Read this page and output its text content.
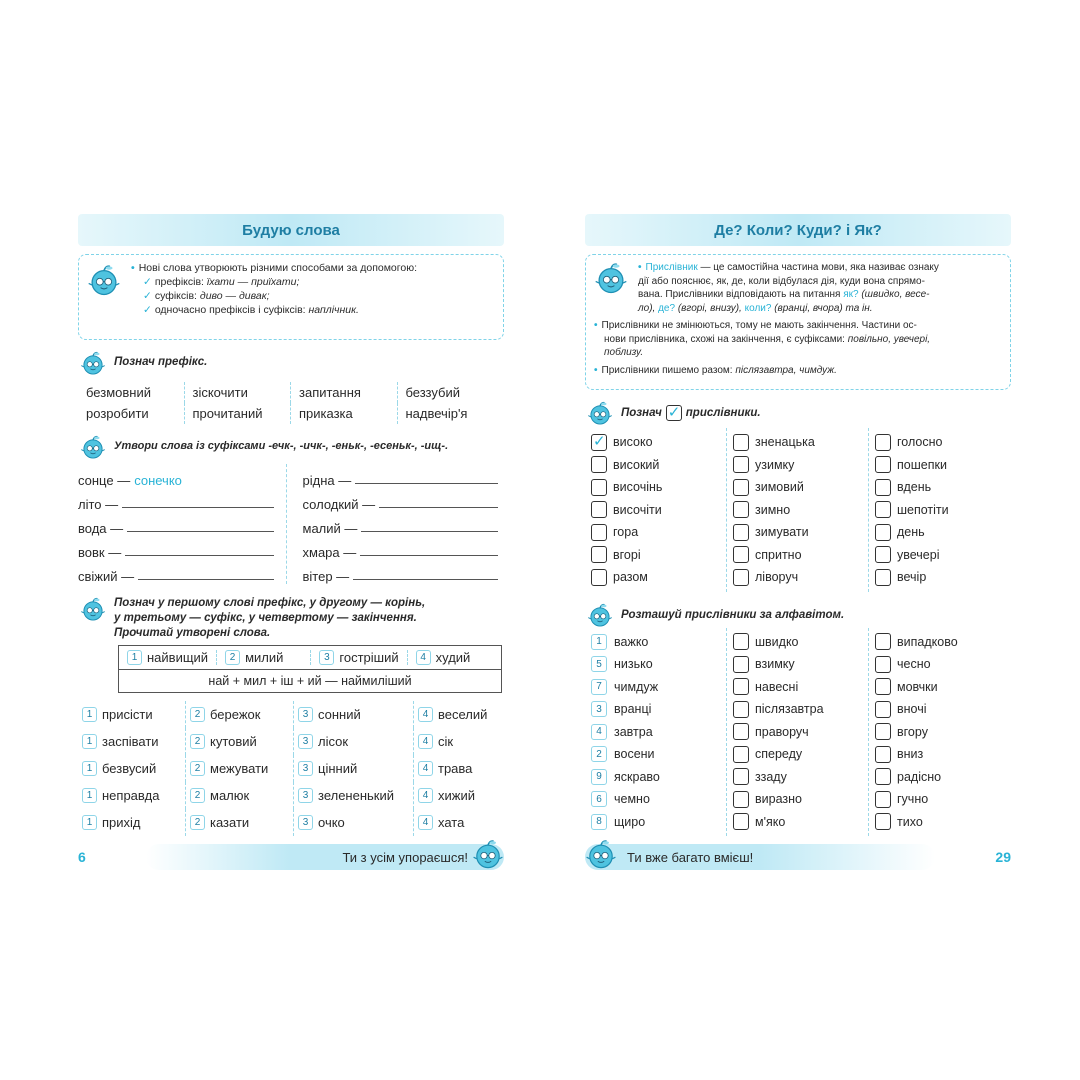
Будую слова
• Нові слова утворюють різними способами за допомогою:
✓ префіксів: їхати — приїхати;
✓ суфіксів: диво — дивак;
✓ одночасно префіксів і суфіксів: наплічник.
Познач префікс.
безмовний	зіскочити	запитання	беззубий
розробити	прочитаний	приказка	надвечір'я
Утвори слова із суфіксами -ечк-, -ичк-, -еньк-, -есеньк-, -ищ-.
сонце — сонечко
літо —
вода —
вовк —
свіжий —
рідна —
солодкий —
малий —
хмара —
вітер —
Познач у першому слові префікс, у другому — корінь,
у третьому — суфікс, у четвертому — закінчення.
Прочитай утворені слова.
1 найвищий	2 милий	3 гостріший	4 худий
най + мил + іш + ий — наймиліший
1 присісти	2 бережок	3 сонний	4 веселий
1 заспівати	2 кутовий	3 лісок	4 сік
1 безвусий	2 межувати	3 цінний	4 трава
1 неправда	2 малюк	3 зелененький	4 хижий
1 прихід	2 казати	3 очко	4 хата
6	Ти з усім упораєшся!
Де? Коли? Куди? і Як?
• Прислівник — це самостійна частина мови, яка називає ознаку
дії або пояснює, як, де, коли відбулася дія, куди вона спрямо-
вана. Прислівники відповідають на питання як? (швидко, весе-
ло), де? (вгорі, внизу), коли? (вранці, вчора) та ін.
• Прислівники не змінюються, тому не мають закінчення. Частини ос-
нови прислівника, схожі на закінчення, є суфіксами: повільно, увечері,
поблизу.
• Прислівники пишемо разом: післязавтра, чимдуж.
Познач
✓ прислівники.
✓
високо
високий
височінь
височіти
гора
вгорі
разом
зненацька
узимку
зимовий
зимно
зимувати
спритно
ліворуч
голосно
пошепки
вдень
шепотіти
день
увечері
вечір
Розташуй прислівники за алфавітом.
1 важко
5 низько
7 чимдуж
3 вранці
4 завтра
2 восени
9 яскраво
6 чемно
8 щиро
швидко
взимку
навесні
післязавтра
праворуч
спереду
ззаду
виразно
м'яко
випадково
чесно
мовчки
вночі
вгору
вниз
радісно
гучно
тихо
Ти вже багато вмієш!	29
